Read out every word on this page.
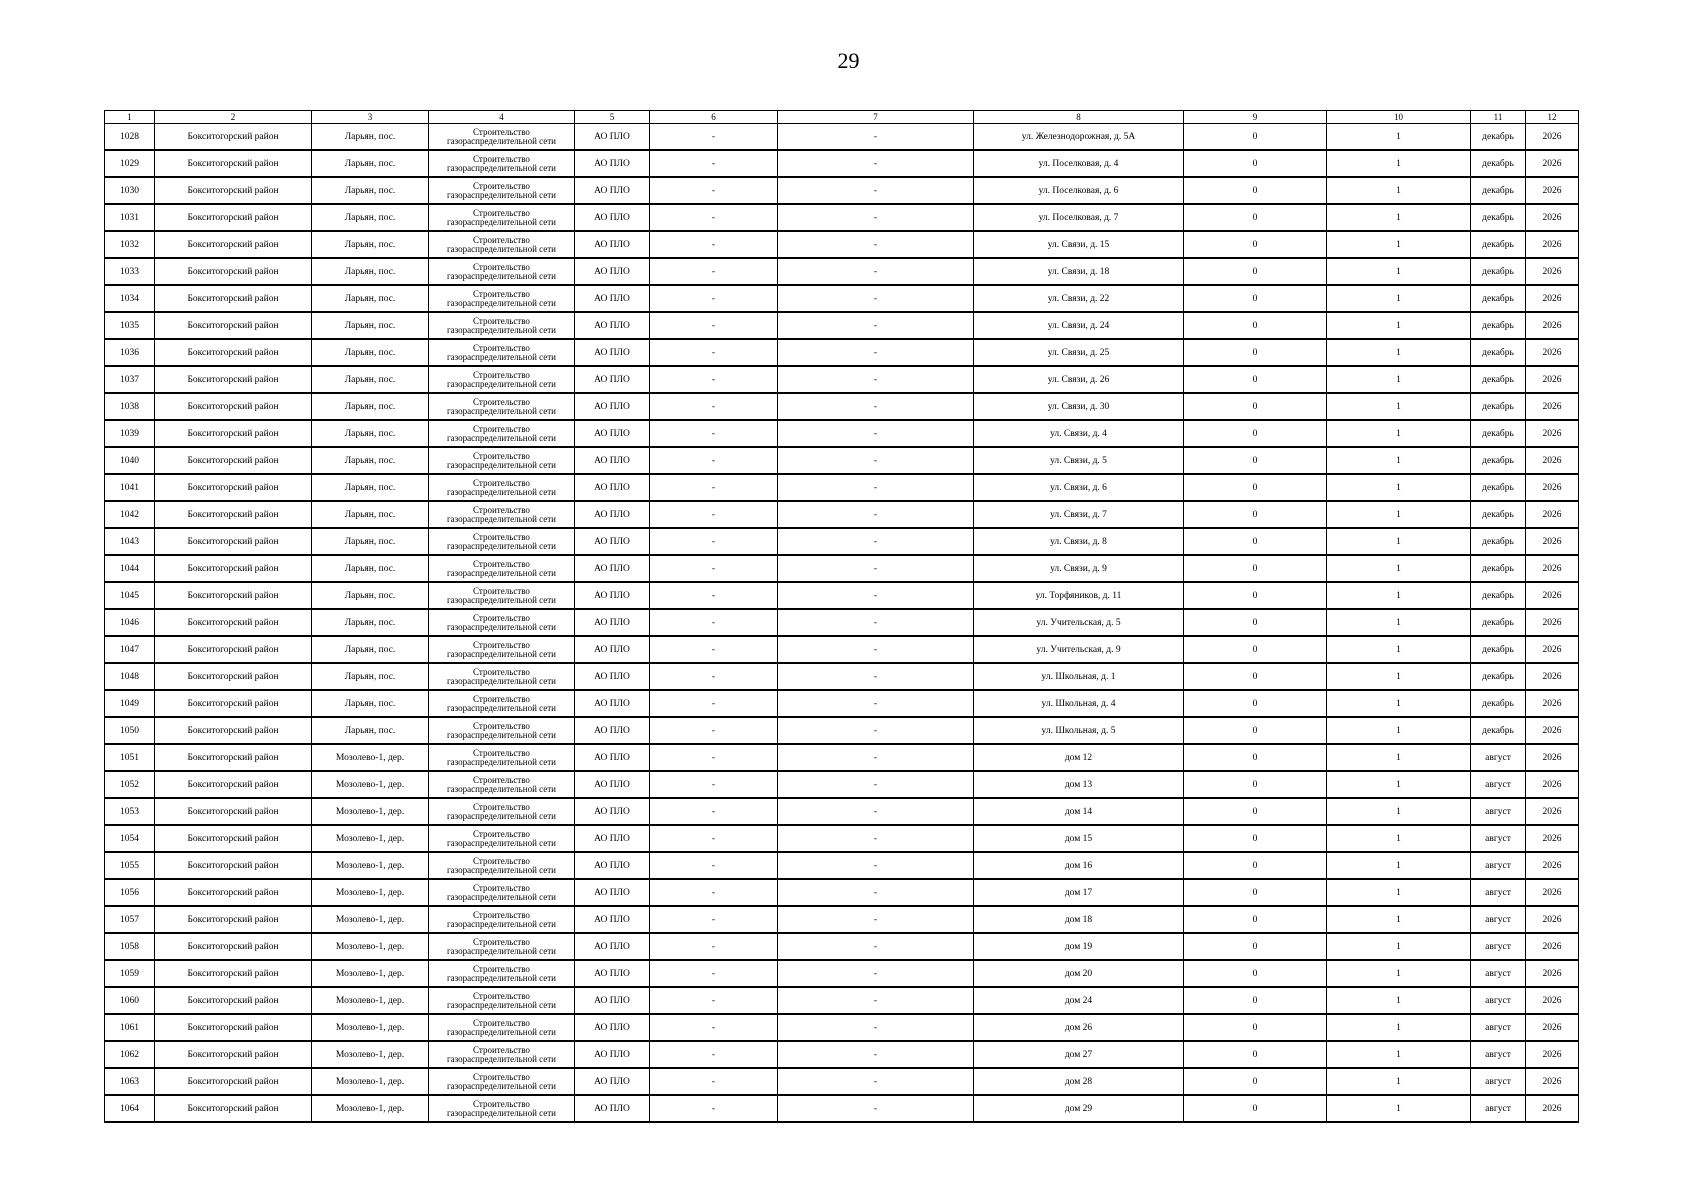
29
1	2	3	4	5	6	7	8	9	10	11	12
1028	Бокситогорский район	Ларьян, пос.	Строительство газораспределительной сети	АО ПЛО	-	-	ул. Железнодорожная, д. 5А	0	1	декабрь	2026
1029	Бокситогорский район	Ларьян, пос.	Строительство газораспределительной сети	АО ПЛО	-	-	ул. Поселковая, д. 4	0	1	декабрь	2026
1030	Бокситогорский район	Ларьян, пос.	Строительство газораспределительной сети	АО ПЛО	-	-	ул. Поселковая, д. 6	0	1	декабрь	2026
1031	Бокситогорский район	Ларьян, пос.	Строительство газораспределительной сети	АО ПЛО	-	-	ул. Поселковая, д. 7	0	1	декабрь	2026
1032	Бокситогорский район	Ларьян, пос.	Строительство газораспределительной сети	АО ПЛО	-	-	ул. Связи, д. 15	0	1	декабрь	2026
1033	Бокситогорский район	Ларьян, пос.	Строительство газораспределительной сети	АО ПЛО	-	-	ул. Связи, д. 18	0	1	декабрь	2026
1034	Бокситогорский район	Ларьян, пос.	Строительство газораспределительной сети	АО ПЛО	-	-	ул. Связи, д. 22	0	1	декабрь	2026
1035	Бокситогорский район	Ларьян, пос.	Строительство газораспределительной сети	АО ПЛО	-	-	ул. Связи, д. 24	0	1	декабрь	2026
1036	Бокситогорский район	Ларьян, пос.	Строительство газораспределительной сети	АО ПЛО	-	-	ул. Связи, д. 25	0	1	декабрь	2026
1037	Бокситогорский район	Ларьян, пос.	Строительство газораспределительной сети	АО ПЛО	-	-	ул. Связи, д. 26	0	1	декабрь	2026
1038	Бокситогорский район	Ларьян, пос.	Строительство газораспределительной сети	АО ПЛО	-	-	ул. Связи, д. 30	0	1	декабрь	2026
1039	Бокситогорский район	Ларьян, пос.	Строительство газораспределительной сети	АО ПЛО	-	-	ул. Связи, д. 4	0	1	декабрь	2026
1040	Бокситогорский район	Ларьян, пос.	Строительство газораспределительной сети	АО ПЛО	-	-	ул. Связи, д. 5	0	1	декабрь	2026
1041	Бокситогорский район	Ларьян, пос.	Строительство газораспределительной сети	АО ПЛО	-	-	ул. Связи, д. 6	0	1	декабрь	2026
1042	Бокситогорский район	Ларьян, пос.	Строительство газораспределительной сети	АО ПЛО	-	-	ул. Связи, д. 7	0	1	декабрь	2026
1043	Бокситогорский район	Ларьян, пос.	Строительство газораспределительной сети	АО ПЛО	-	-	ул. Связи, д. 8	0	1	декабрь	2026
1044	Бокситогорский район	Ларьян, пос.	Строительство газораспределительной сети	АО ПЛО	-	-	ул. Связи, д. 9	0	1	декабрь	2026
1045	Бокситогорский район	Ларьян, пос.	Строительство газораспределительной сети	АО ПЛО	-	-	ул. Торфяников, д. 11	0	1	декабрь	2026
1046	Бокситогорский район	Ларьян, пос.	Строительство газораспределительной сети	АО ПЛО	-	-	ул. Учительская, д. 5	0	1	декабрь	2026
1047	Бокситогорский район	Ларьян, пос.	Строительство газораспределительной сети	АО ПЛО	-	-	ул. Учительская, д. 9	0	1	декабрь	2026
1048	Бокситогорский район	Ларьян, пос.	Строительство газораспределительной сети	АО ПЛО	-	-	ул. Школьная, д. 1	0	1	декабрь	2026
1049	Бокситогорский район	Ларьян, пос.	Строительство газораспределительной сети	АО ПЛО	-	-	ул. Школьная, д. 4	0	1	декабрь	2026
1050	Бокситогорский район	Ларьян, пос.	Строительство газораспределительной сети	АО ПЛО	-	-	ул. Школьная, д. 5	0	1	декабрь	2026
1051	Бокситогорский район	Мозолево-1, дер.	Строительство газораспределительной сети	АО ПЛО	-	-	дом 12	0	1	август	2026
1052	Бокситогорский район	Мозолево-1, дер.	Строительство газораспределительной сети	АО ПЛО	-	-	дом 13	0	1	август	2026
1053	Бокситогорский район	Мозолево-1, дер.	Строительство газораспределительной сети	АО ПЛО	-	-	дом 14	0	1	август	2026
1054	Бокситогорский район	Мозолево-1, дер.	Строительство газораспределительной сети	АО ПЛО	-	-	дом 15	0	1	август	2026
1055	Бокситогорский район	Мозолево-1, дер.	Строительство газораспределительной сети	АО ПЛО	-	-	дом 16	0	1	август	2026
1056	Бокситогорский район	Мозолево-1, дер.	Строительство газораспределительной сети	АО ПЛО	-	-	дом 17	0	1	август	2026
1057	Бокситогорский район	Мозолево-1, дер.	Строительство газораспределительной сети	АО ПЛО	-	-	дом 18	0	1	август	2026
1058	Бокситогорский район	Мозолево-1, дер.	Строительство газораспределительной сети	АО ПЛО	-	-	дом 19	0	1	август	2026
1059	Бокситогорский район	Мозолево-1, дер.	Строительство газораспределительной сети	АО ПЛО	-	-	дом 20	0	1	август	2026
1060	Бокситогорский район	Мозолево-1, дер.	Строительство газораспределительной сети	АО ПЛО	-	-	дом 24	0	1	август	2026
1061	Бокситогорский район	Мозолево-1, дер.	Строительство газораспределительной сети	АО ПЛО	-	-	дом 26	0	1	август	2026
1062	Бокситогорский район	Мозолево-1, дер.	Строительство газораспределительной сети	АО ПЛО	-	-	дом 27	0	1	август	2026
1063	Бокситогорский район	Мозолево-1, дер.	Строительство газораспределительной сети	АО ПЛО	-	-	дом 28	0	1	август	2026
1064	Бокситогорский район	Мозолево-1, дер.	Строительство газораспределительной сети	АО ПЛО	-	-	дом 29	0	1	август	2026
